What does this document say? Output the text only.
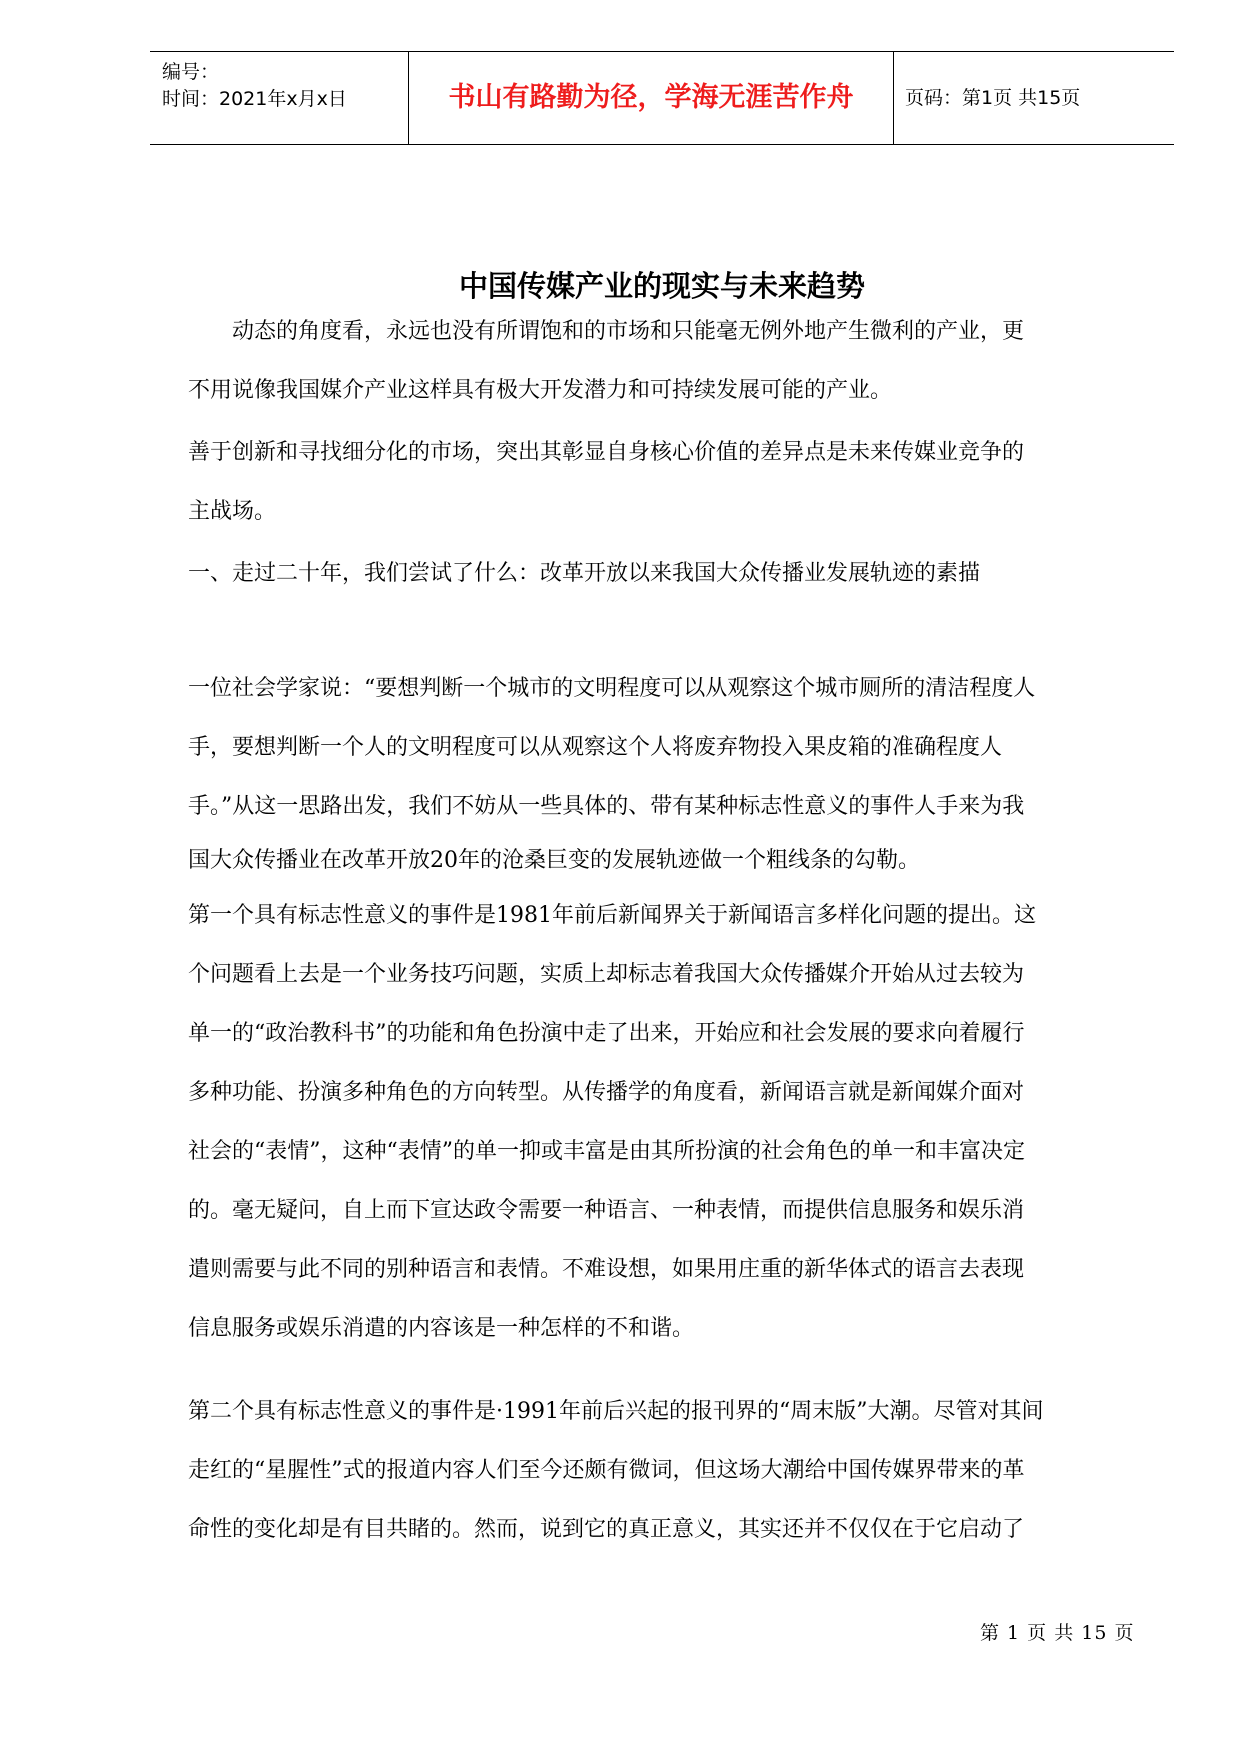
编号：
时间：2021年x月x日	书山有路勤为径，学海无涯苦作舟	页码：第1页 共15页
中国传媒产业的现实与未来趋势
动态的角度看，永远也没有所谓饱和的市场和只能毫无例外地产生微利的产业，更
不用说像我国媒介产业这样具有极大开发潜力和可持续发展可能的产业。
善于创新和寻找细分化的市场，突出其彰显自身核心价值的差异点是未来传媒业竞争的
主战场。
一、走过二十年，我们尝试了什么：改革开放以来我国大众传播业发展轨迹的素描
一位社会学家说：“要想判断一个城市的文明程度可以从观察这个城市厕所的清洁程度人
手，要想判断一个人的文明程度可以从观察这个人将废弃物投入果皮箱的准确程度人
手。”从这一思路出发，我们不妨从一些具体的、带有某种标志性意义的事件人手来为我
国大众传播业在改革开放20年的沧桑巨变的发展轨迹做一个粗线条的勾勒。
第一个具有标志性意义的事件是1981年前后新闻界关于新闻语言多样化问题的提出。这
个问题看上去是一个业务技巧问题，实质上却标志着我国大众传播媒介开始从过去较为
单一的“政治教科书”的功能和角色扮演中走了出来，开始应和社会发展的要求向着履行
多种功能、扮演多种角色的方向转型。从传播学的角度看，新闻语言就是新闻媒介面对
社会的“表情”，这种“表情”的单一抑或丰富是由其所扮演的社会角色的单一和丰富决定
的。毫无疑问，自上而下宣达政令需要一种语言、一种表情，而提供信息服务和娱乐消
遣则需要与此不同的别种语言和表情。不难设想，如果用庄重的新华体式的语言去表现
信息服务或娱乐消遣的内容该是一种怎样的不和谐。
第二个具有标志性意义的事件是·1991年前后兴起的报刊界的“周末版”大潮。尽管对其间
走红的“星腥性”式的报道内容人们至今还颇有微词，但这场大潮给中国传媒界带来的革
命性的变化却是有目共睹的。然而，说到它的真正意义，其实还并不仅仅在于它启动了
第 1 页 共 15 页
